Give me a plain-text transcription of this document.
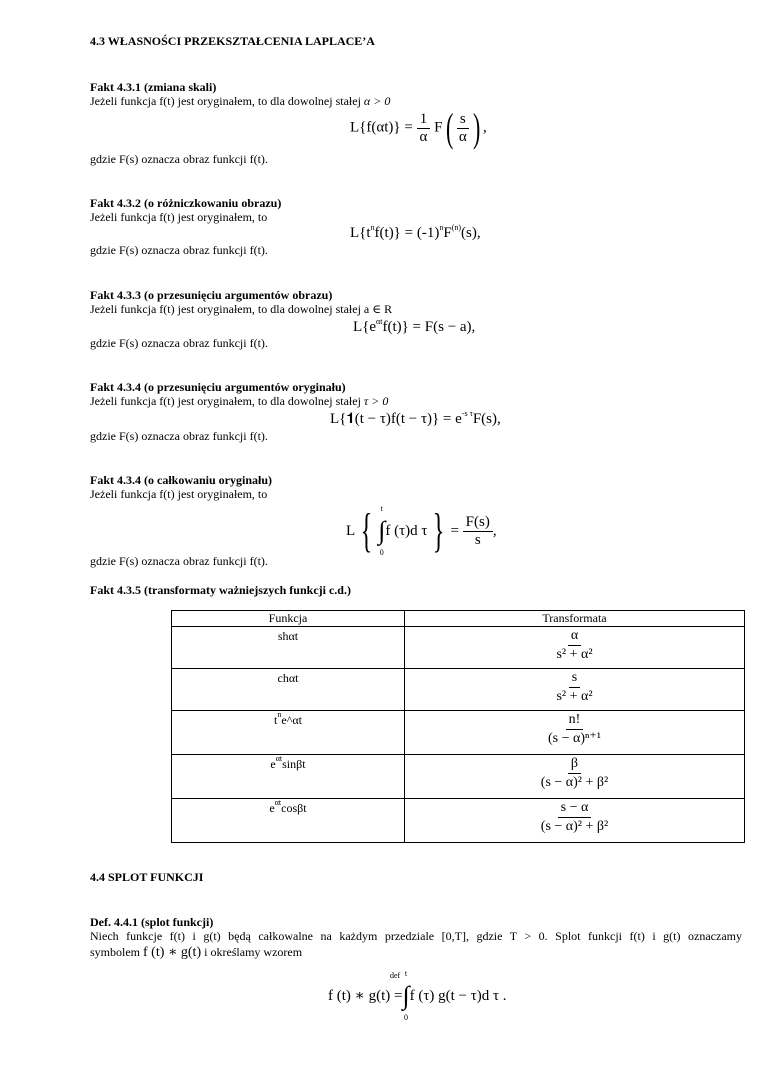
4.3 WŁASNOŚCI PRZEKSZTAŁCENIA LAPLACE’A
Fakt 4.3.1 (zmiana skali)
Jeżeli funkcja f(t) jest oryginałem, to dla dowolnej stałej α > 0
$L\{f(\alpha t)\} = \frac{1}{\alpha} F( \frac{s}{\alpha}$ ) ,
gdzie F(s) oznacza obraz funkcji f(t).
Fakt 4.3.2 (o różniczkowaniu obrazu)
Jeżeli funkcja f(t) jest oryginałem, to
$L\{t^nf(t)\} = (-1)^nF^{(n)}(s)$,
gdzie F(s) oznacza obraz funkcji f(t).
Fakt 4.3.3 (o przesunięciu argumentów obrazu)
Jeżeli funkcja f(t) jest oryginałem, to dla dowolnej stałej a ∈ R
$L\{e^{\alpha t}f(t)\} = F(s - a)$,
gdzie F(s) oznacza obraz funkcji f(t).
Fakt 4.3.4 (o przesunięciu argumentów oryginału)
Jeżeli funkcja f(t) jest oryginałem, to dla dowolnej stałej τ > 0
L{𝟏(t − $\tau)f(t - \tau)\} = e^{-s \tau}F(s)$,
gdzie F(s) oznacza obraz funkcji f(t).
Fakt 4.3.4 (o całkowaniu oryginału)
Jeżeli funkcja f(t) jest oryginałem, to
L { t
∫
0
f (τ)d τ } = $\frac{F(s)}{s}$ ,
gdzie F(s) oznacza obraz funkcji f(t).
Fakt 4.3.5 (transformaty ważniejszych funkcji c.d.)
Funkcja	Transformata
shαt	$\frac{\alpha}{\text{s² + α²}}$

chαt	$\frac{s}{\text{s² + α²}}$

$t^ne\^{}\alpha t$	$\frac{n!}{\text{(s − α)ⁿ⁺¹}}$

$e^{\alpha t}\sin\beta t$	$\frac{\beta}{\text{(s − α)² + β²}}$

$e^{\alpha t}\cos\beta t$	$\frac{s - \alpha}{\text{(s − α)² + β²}}$
4.4 SPLOT FUNKCJI
Def. 4.4.1 (splot funkcji)
Niech funkcje f(t) i g(t) będą całkowalne na każdym przedziale [0,T], gdzie T > 0. Splot funkcji f(t) i g(t) oznaczamy
symbolem f (t) ∗ g(t) i określamy wzorem
f (t) ∗ g(t) =
def t
∫
0
f (τ) g(t − τ)d τ .
